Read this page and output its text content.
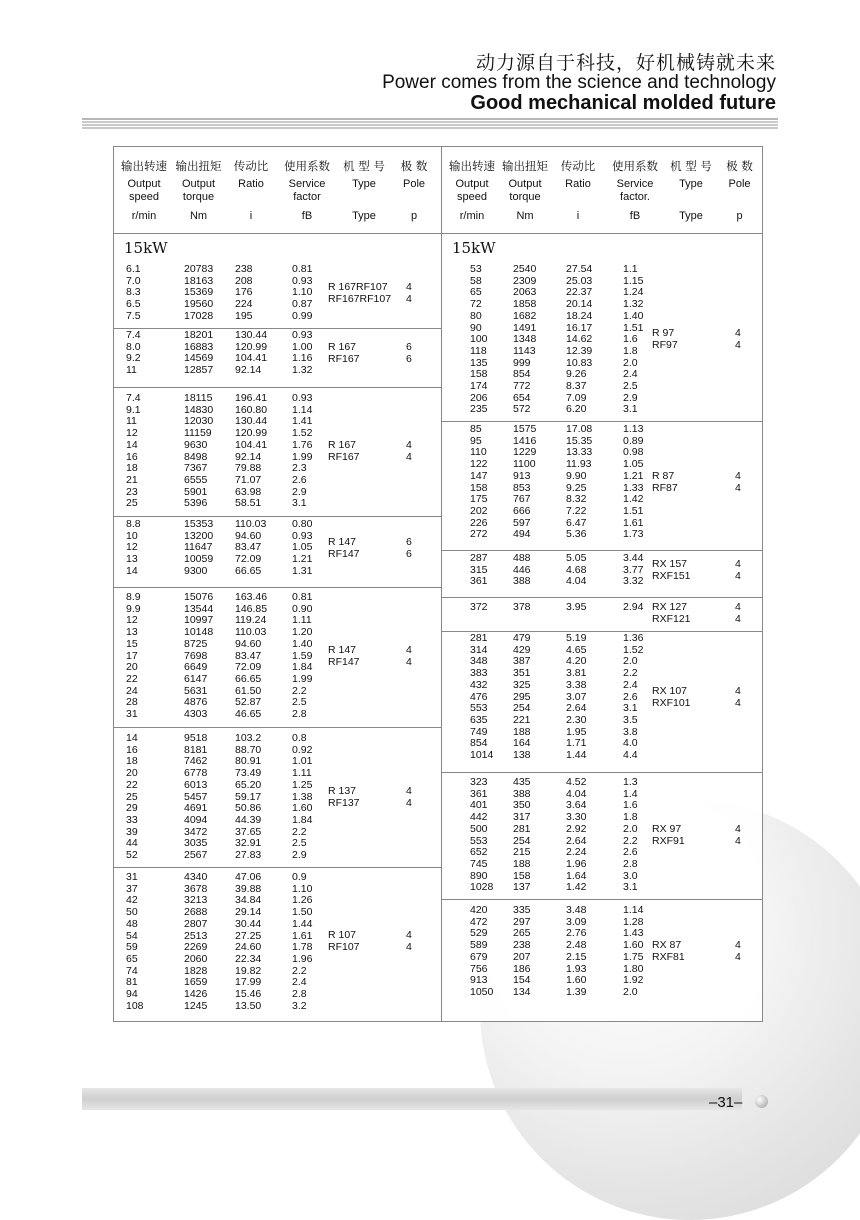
动力源自于科技，好机械铸就未来
Power comes from the science and technology
Good mechanical molded future
输出转速
Output
speed
r/min
输出扭矩
Output
torque
Nm
传动比
Ratio
i
使用系数
Service
factor
fB
机 型 号
Type
Type
极 数
Pole
p
15kW
6.1
7.0
8.3
6.5
7.5
20783
18163
15369
19560
17028
238
208
176
224
195
0.81
0.93
1.10
0.87
0.99
R 167RF107
RF167RF107
4
4
7.4
8.0
9.2
11
18201
16883
14569
12857
130.44
120.99
104.41
92.14
0.93
1.00
1.16
1.32
R 167
RF167
6
6
7.4
9.1
11
12
14
16
18
21
23
25
18115
14830
12030
11159
9630
8498
7367
6555
5901
5396
196.41
160.80
130.44
120.99
104.41
92.14
79.88
71.07
63.98
58.51
0.93
1.14
1.41
1.52
1.76
1.99
2.3
2.6
2.9
3.1
R 167
RF167
4
4
8.8
10
12
13
14
15353
13200
11647
10059
9300
110.03
94.60
83.47
72.09
66.65
0.80
0.93
1.05
1.21
1.31
R 147
RF147
6
6
8.9
9.9
12
13
15
17
20
22
24
28
31
15076
13544
10997
10148
8725
7698
6649
6147
5631
4876
4303
163.46
146.85
119.24
110.03
94.60
83.47
72.09
66.65
61.50
52.87
46.65
0.81
0.90
1.11
1.20
1.40
1.59
1.84
1.99
2.2
2.5
2.8
R 147
RF147
4
4
14
16
18
20
22
25
29
33
39
44
52
9518
8181
7462
6778
6013
5457
4691
4094
3472
3035
2567
103.2
88.70
80.91
73.49
65.20
59.17
50.86
44.39
37.65
32.91
27.83
0.8
0.92
1.01
1.11
1.25
1.38
1.60
1.84
2.2
2.5
2.9
R 137
RF137
4
4
31
37
42
50
48
54
59
65
74
81
94
108
4340
3678
3213
2688
2807
2513
2269
2060
1828
1659
1426
1245
47.06
39.88
34.84
29.14
30.44
27.25
24.60
22.34
19.82
17.99
15.46
13.50
0.9
1.10
1.26
1.50
1.44
1.61
1.78
1.96
2.2
2.4
2.8
3.2
R 107
RF107
4
4
输出转速
Output
speed
r/min
输出扭矩
Output
torque
Nm
传动比
Ratio
i
使用系数
Service
factor.
fB
机 型 号
Type
Type
极 数
Pole
p
15kW
53
58
65
72
80
90
100
118
135
158
174
206
235
2540
2309
2063
1858
1682
1491
1348
1143
999
854
772
654
572
27.54
25.03
22.37
20.14
18.24
16.17
14.62
12.39
10.83
9.26
8.37
7.09
6.20
1.1
1.15
1.24
1.32
1.40
1.51
1.6
1.8
2.0
2.4
2.5
2.9
3.1
R 97
RF97
4
4
85
95
110
122
147
158
175
202
226
272
1575
1416
1229
1100
913
853
767
666
597
494
17.08
15.35
13.33
11.93
9.90
9.25
8.32
7.22
6.47
5.36
1.13
0.89
0.98
1.05
1.21
1.33
1.42
1.51
1.61
1.73
R 87
RF87
4
4
287
315
361
488
446
388
5.05
4.68
4.04
3.44
3.77
3.32
RX 157
RXF151
4
4
372 378	3.95	2.94 RX 127
RXF121
4
4
281
314
348
383
432
476
553
635
749
854
1014
479
429
387
351
325
295
254
221
188
164
138
5.19
4.65
4.20
3.81
3.38
3.07
2.64
2.30
1.95
1.71
1.44
1.36
1.52
2.0
2.2
2.4
2.6
3.1
3.5
3.8
4.0
4.4
RX 107
RXF101
4
4
323
361
401
442
500
553
652
745
890
1028
435
388
350
317
281
254
215
188
158
137
4.52
4.04
3.64
3.30
2.92
2.64
2.24
1.96
1.64
1.42
1.3
1.4
1.6
1.8
2.0
2.2
2.6
2.8
3.0
3.1
RX 97
RXF91
4
4
420
472
529
589
679
756
913
1050
335
297
265
238
207
186
154
134
3.48
3.09
2.76
2.48
2.15
1.93
1.60
1.39
1.14
1.28
1.43
1.60
1.75
1.80
1.92
2.0
RX 87
RXF81
4
4
–31–
